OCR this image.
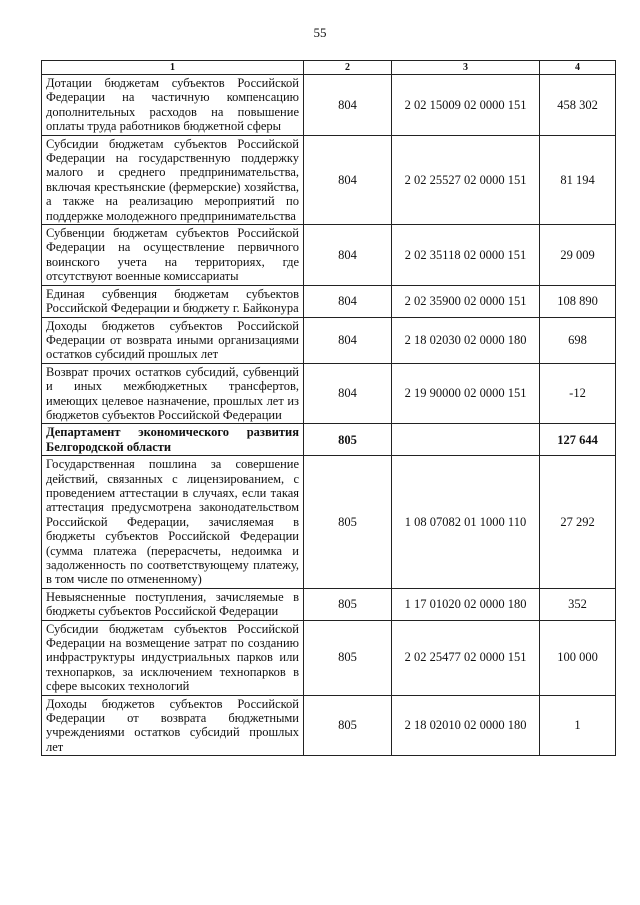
55
1	2	3	4
Дотации бюджетам субъектов Российской Федерации на частичную компенсацию дополнительных расходов на повышение оплаты труда работников бюджетной сферы	804	2 02 15009 02 0000 151	458 302
Субсидии бюджетам субъектов Российской Федерации на государственную поддержку малого и среднего предпринимательства, включая крестьянские (фермерские) хозяйства, а также на реализацию мероприятий по поддержке молодежного предпринимательства	804	2 02 25527 02 0000 151	81 194
Субвенции бюджетам субъектов Российской Федерации на осуществление первичного воинского учета на территориях, где отсутствуют военные комиссариаты	804	2 02 35118 02 0000 151	29 009
Единая субвенция бюджетам субъектов Российской Федерации и бюджету г. Байконура	804	2 02 35900 02 0000 151	108 890
Доходы бюджетов субъектов Российской Федерации от возврата иными организациями остатков субсидий прошлых лет	804	2 18 02030 02 0000 180	698
Возврат прочих остатков субсидий, субвенций и иных межбюджетных трансфертов, имеющих целевое назначение, прошлых лет из бюджетов субъектов Российской Федерации	804	2 19 90000 02 0000 151	-12
Департамент экономического развития Белгородской области	805		127 644
Государственная пошлина за совершение действий, связанных с лицензированием, с проведением аттестации в случаях, если такая аттестация предусмотрена законодательством Российской Федерации, зачисляемая в бюджеты субъектов Российской Федерации (сумма платежа (перерасчеты, недоимка и задолженность по соответствующему платежу, в том числе по отмененному)	805	1 08 07082 01 1000 110	27 292
Невыясненные поступления, зачисляемые в бюджеты субъектов Российской Федерации	805	1 17 01020 02 0000 180	352
Субсидии бюджетам субъектов Российской Федерации на возмещение затрат по созданию инфраструктуры индустриальных парков или технопарков, за исключением технопарков в сфере высоких технологий	805	2 02 25477 02 0000 151	100 000
Доходы бюджетов субъектов Российской Федерации от возврата бюджетными учреждениями остатков субсидий прошлых лет	805	2 18 02010 02 0000 180	1
